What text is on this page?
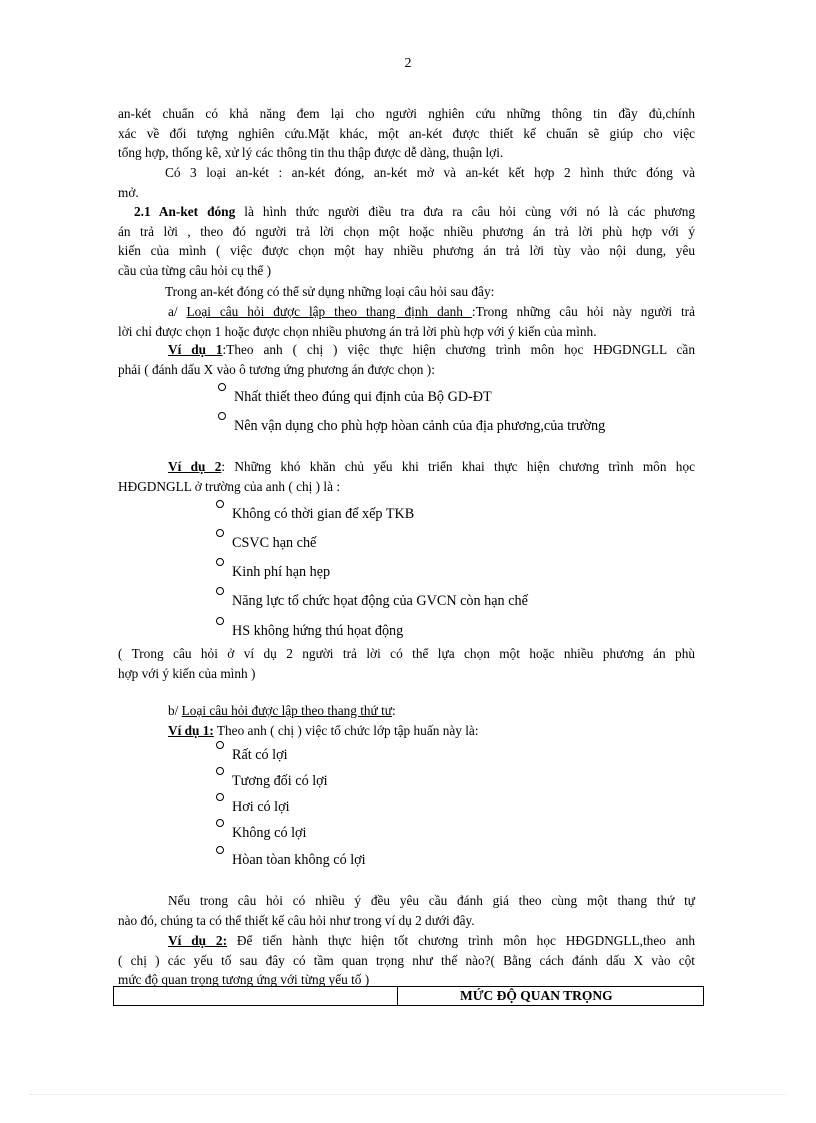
2
an-két chuẩn có khả năng đem lại cho người nghiên cứu những thông tin đầy đủ,chính
xác về đối tượng nghiên cứu.Mặt khác, một an-két được thiết kế chuẩn sẽ giúp cho việc
tổng hợp, thống kê, xử lý các thông tin thu thập được dễ dàng, thuận lợi.
Có 3 loại an-két : an-két đóng, an-két mở và an-két kết hợp 2 hình thức đóng và
mở.
2.1 An-ket đóng là hình thức người điều tra đưa ra câu hỏi cùng với nó là các phương
án trả lời , theo đó người trả lời chọn một hoặc nhiều phương án trả lời phù hợp với ý
kiến của mình ( việc được chọn một hay nhiều phương án trả lời tùy vào nội dung, yêu
cầu của từng câu hỏi cụ thể )
Trong an-két đóng có thể sử dụng những loại câu hỏi sau đây:
a/ Loại câu hỏi được lập theo thang định danh :Trong những câu hỏi này người trả
lời chỉ được chọn 1 hoặc được chọn nhiều phương án trả lời phù hợp với ý kiến của mình.
Ví dụ 1:Theo anh ( chị ) việc thực hiện chương trình môn học HĐGDNGLL cần
phải ( đánh dấu X vào ô tương ứng phương án được chọn ):
Nhất thiết theo đúng qui định của Bộ GD-ĐT
Nên vận dụng cho phù hợp hòan cảnh của địa phương,của trường
Ví dụ 2: Những khó khăn chủ yếu khi triển khai thực hiện chương trình môn học
HĐGDNGLL ở trường của anh ( chị ) là :
Không có thời gian để xếp TKB
CSVC hạn chế
Kinh phí hạn hẹp
Năng lực tổ chức họat động của GVCN còn hạn chế
HS không hứng thú họat động
( Trong câu hỏi ở ví dụ 2 người trả lời có thể lựa chọn một hoặc nhiều phương án phù
hợp với ý kiến của mình )
b/ Loại câu hỏi được lập theo thang thứ tư:
Ví dụ 1: Theo anh ( chị ) việc tổ chức lớp tập huấn này là:
Rất có lợi
Tương đối có lợi
Hơi có lợi
Không có lợi
Hòan tòan không có lợi
Nếu trong câu hỏi có nhiều ý đều yêu cầu đánh giá theo cùng một thang thứ tự
nào đó, chúng ta có thể thiết kế câu hỏi như trong ví dụ 2 dưới đây.
Ví dụ 2: Để tiến hành thực hiện tốt chương trình môn học HĐGDNGLL,theo anh
( chị ) các yếu tố sau đây có tầm quan trọng như thế nào?( Bằng cách đánh dấu X vào cột
mức độ quan trọng tương ứng với từng yếu tố )
	MỨC ĐỘ QUAN TRỌNG
